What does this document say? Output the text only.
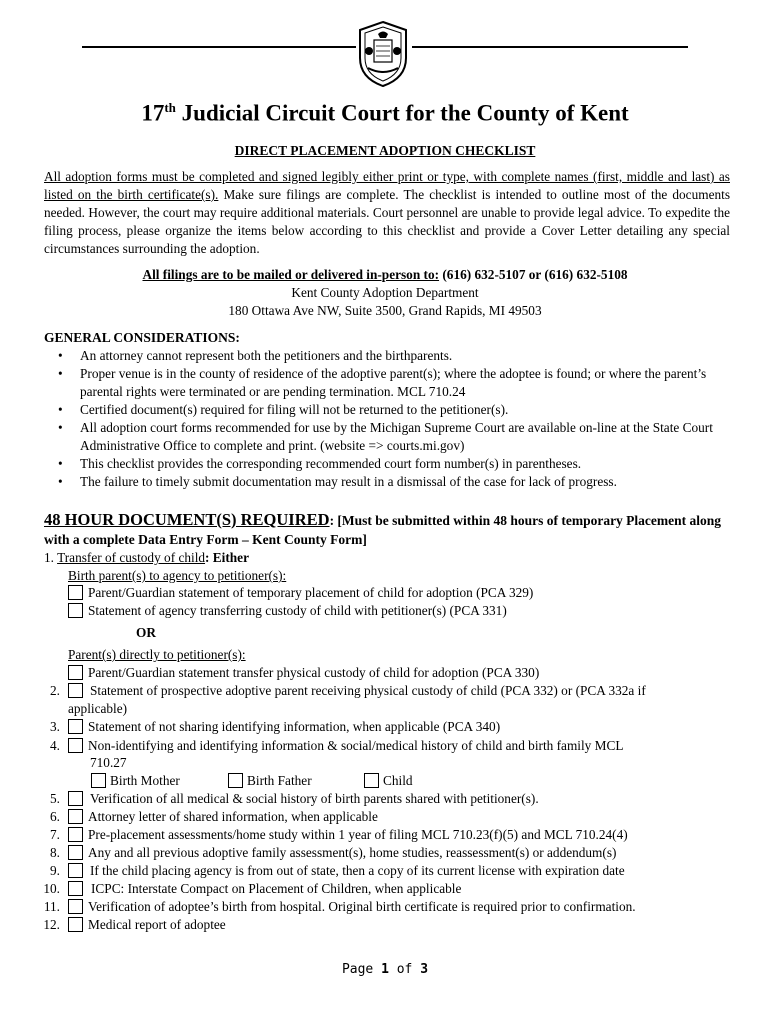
17th Judicial Circuit Court for the County of Kent
DIRECT PLACEMENT ADOPTION CHECKLIST
All adoption forms must be completed and signed legibly either print or type, with complete names (first, middle and last) as listed on the birth certificate(s). Make sure filings are complete. The checklist is intended to outline most of the documents needed. However, the court may require additional materials. Court personnel are unable to provide legal advice. To expedite the filing process, please organize the items below according to this checklist and provide a Cover Letter detailing any special circumstances surrounding the adoption.
All filings are to be mailed or delivered in-person to: (616) 632-5107 or (616) 632-5108
Kent County Adoption Department
180 Ottawa Ave NW, Suite 3500, Grand Rapids, MI 49503
GENERAL CONSIDERATIONS:
• An attorney cannot represent both the petitioners and the birthparents.
• Proper venue is in the county of residence of the adoptive parent(s); where the adoptee is found; or where the parent’s parental rights were terminated or are pending termination. MCL 710.24
• Certified document(s) required for filing will not be returned to the petitioner(s).
• All adoption court forms recommended for use by the Michigan Supreme Court are available on-line at the State Court Administrative Office to complete and print. (website => courts.mi.gov)
• This checklist provides the corresponding recommended court form number(s) in parentheses.
• The failure to timely submit documentation may result in a dismissal of the case for lack of progress.
48 HOUR DOCUMENT(S) REQUIRED: [Must be submitted within 48 hours of temporary Placement along with a complete Data Entry Form – Kent County Form]
1. Transfer of custody of child: Either
Birth parent(s) to agency to petitioner(s):
Parent/Guardian statement of temporary placement of child for adoption (PCA 329)
Statement of agency transferring custody of child with petitioner(s) (PCA 331)
OR
Parent(s) directly to petitioner(s):
Parent/Guardian statement transfer physical custody of child for adoption (PCA 330)
2. Statement of prospective adoptive parent receiving physical custody of child (PCA 332) or (PCA 332a if
applicable)
3. Statement of not sharing identifying information, when applicable (PCA 340)
4. Non-identifying and identifying information & social/medical history of child and birth family MCL
710.27
Birth Mother	Birth Father	Child
5. Verification of all medical & social history of birth parents shared with petitioner(s).
6. Attorney letter of shared information, when applicable
7. Pre-placement assessments/home study within 1 year of filing MCL 710.23(f)(5) and MCL 710.24(4)
8. Any and all previous adoptive family assessment(s), home studies, reassessment(s) or addendum(s)
9. If the child placing agency is from out of state, then a copy of its current license with expiration date
10. ICPC: Interstate Compact on Placement of Children, when applicable
11. Verification of adoptee’s birth from hospital. Original birth certificate is required prior to confirmation.
12. Medical report of adoptee
Page 1 of 3
